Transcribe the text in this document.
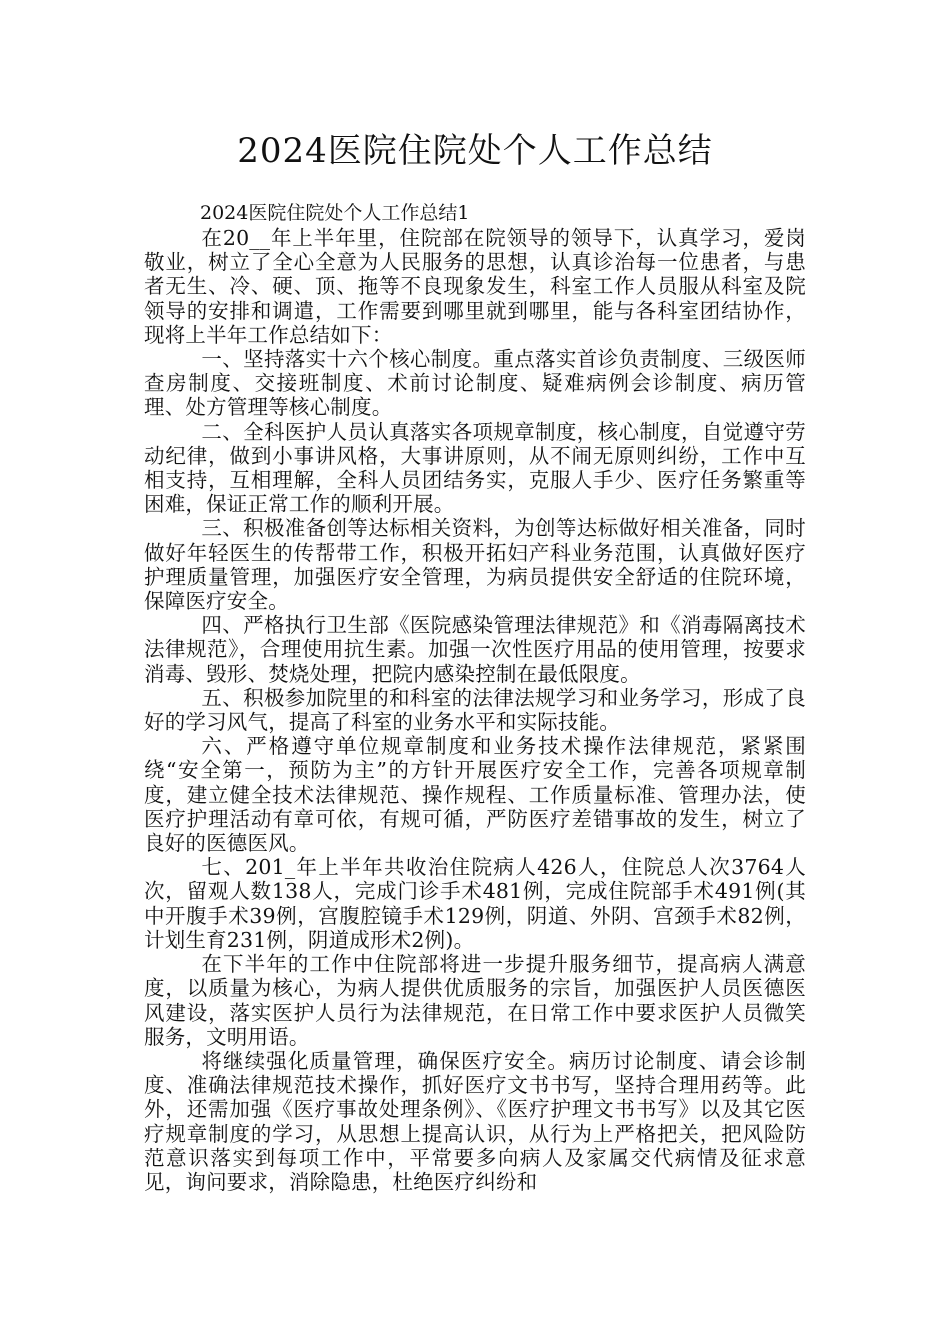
2024医院住院处个人工作总结
2024医院住院处个人工作总结1

在20__年上半年里，住院部在院领导的领导下，认真学习，爱岗敬业，树立了全心全意为人民服务的思想，认真诊治每一位患者，与患者无生、冷、硬、顶、拖等不良现象发生，科室工作人员服从科室及院领导的安排和调遣，工作需要到哪里就到哪里，能与各科室团结协作，现将上半年工作总结如下：

一、坚持落实十六个核心制度。重点落实首诊负责制度、三级医师查房制度、交接班制度、术前讨论制度、疑难病例会诊制度、病历管理、处方管理等核心制度。

二、全科医护人员认真落实各项规章制度，核心制度，自觉遵守劳动纪律，做到小事讲风格，大事讲原则，从不闹无原则纠纷，工作中互相支持，互相理解，全科人员团结务实，克服人手少、医疗任务繁重等困难，保证正常工作的顺利开展。

三、积极准备创等达标相关资料，为创等达标做好相关准备，同时做好年轻医生的传帮带工作，积极开拓妇产科业务范围，认真做好医疗护理质量管理，加强医疗安全管理，为病员提供安全舒适的住院环境，保障医疗安全。

四、严格执行卫生部《医院感染管理法律规范》和《消毒隔离技术法律规范》，合理使用抗生素。加强一次性医疗用品的使用管理，按要求消毒、毁形、焚烧处理，把院内感染控制在最低限度。

五、积极参加院里的和科室的法律法规学习和业务学习，形成了良好的学习风气，提高了科室的业务水平和实际技能。

六、严格遵守单位规章制度和业务技术操作法律规范，紧紧围绕“安全第一，预防为主”的方针开展医疗安全工作，完善各项规章制度，建立健全技术法律规范、操作规程、工作质量标准、管理办法，使医疗护理活动有章可依，有规可循，严防医疗差错事故的发生，树立了良好的医德医风。

七、201_年上半年共收治住院病人426人，住院总人次3764人次，留观人数138人，完成门诊手术481例，完成住院部手术491例(其中开腹手术39例，宫腹腔镜手术129例，阴道、外阴、宫颈手术82例，计划生育231例，阴道成形术2例)。

在下半年的工作中住院部将进一步提升服务细节，提高病人满意度，以质量为核心，为病人提供优质服务的宗旨，加强医护人员医德医风建设，落实医护人员行为法律规范，在日常工作中要求医护人员微笑服务，文明用语。

将继续强化质量管理，确保医疗安全。病历讨论制度、请会诊制度、准确法律规范技术操作，抓好医疗文书书写，坚持合理用药等。此外，还需加强《医疗事故处理条例》、《医疗护理文书书写》以及其它医疗规章制度的学习，从思想上提高认识，从行为上严格把关，把风险防范意识落实到每项工作中，平常要多向病人及家属交代病情及征求意见，询问要求，消除隐患，杜绝医疗纠纷和
